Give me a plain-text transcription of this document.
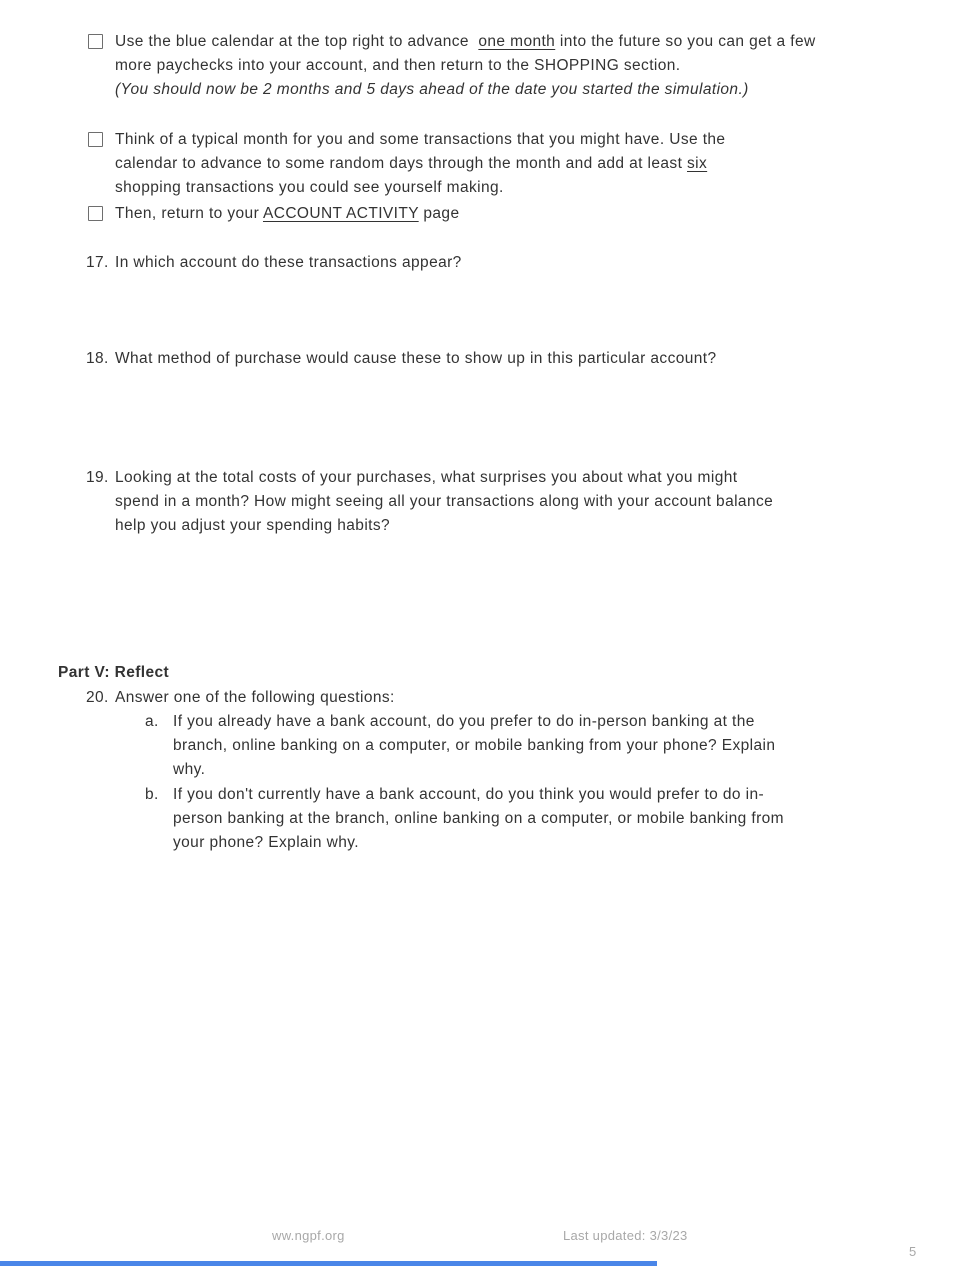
Use the blue calendar at the top right to advance  one month into the future so you can get a few more paychecks into your account, and then return to the SHOPPING section.
(You should now be 2 months and 5 days ahead of the date you started the simulation.)
Think of a typical month for you and some transactions that you might have. Use the calendar to advance to some random days through the month and add at least six shopping transactions you could see yourself making.
Then, return to your ACCOUNT ACTIVITY page
17. In which account do these transactions appear?
18. What method of purchase would cause these to show up in this particular account?
19. Looking at the total costs of your purchases, what surprises you about what you might spend in a month? How might seeing all your transactions along with your account balance help you adjust your spending habits?
Part V: Reflect
20. Answer one of the following questions:
a. If you already have a bank account, do you prefer to do in-person banking at the branch, online banking on a computer, or mobile banking from your phone? Explain why.
b. If you don't currently have a bank account, do you think you would prefer to do in-person banking at the branch, online banking on a computer, or mobile banking from your phone? Explain why.
ww.ngpf.org	Last updated: 3/3/23
5
